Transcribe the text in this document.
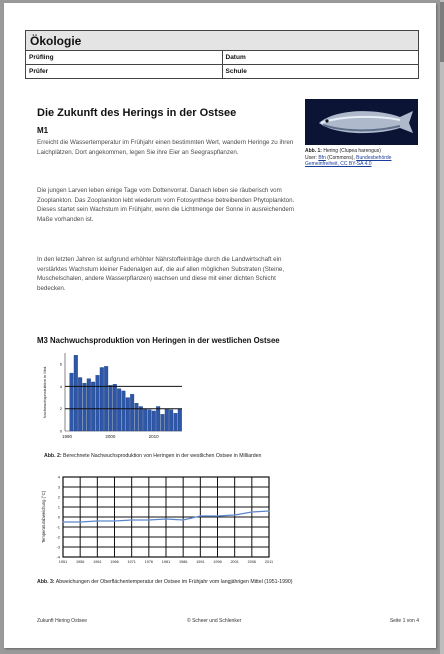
Ökologie	
Prüfling	Datum
Prüfer	Schule
Die Zukunft des Herings in der Ostsee
M1
Erreicht die Wassertemperatur im Frühjahr einen bestimmten Wert, wandern Heringe zu ihren Laichplätzen. Dort angekommen, legen Sie ihre Eier an Seegraspflanzen.
Die jungen Larven leben einige Tage vom Dottenvorrat. Danach leben sie räuberisch vom Zooplankton. Das Zooplankton lebt wiederum vom Fotosynthese betreibenden Phytoplankton. Dieses startet sein Wachstum im Frühjahr, wenn die Lichtmenge der Sonne in ausreichendem Maße vorhanden ist.
In den letzten Jahren ist aufgrund erhöhter Nährstoffeinträge durch die Landwirtschaft ein verstärktes Wachstum kleiner Fadenalgen auf, die auf allen möglichen Substraten (Steine, Muschelschalen, andere Wasserpflanzen) wachsen und diese mit einer dichten Schicht bedecken.
Abb. 1: Hering (Clupea harengus)
User: Bfn (Commons), Bundesbehörde
Gemeinfreiheit, CC BY-SA 4.0
M3 Nachwuchsproduktion von Heringen in der westlichen Ostsee
0
2
4
6
1990	2000	2010
Nachwuchsproduktion in Mrd.
Abb. 2: Berechnete Nachwuchsproduktion von Heringen in der westlichen Ostsee in Milliarden
-4
-3
-2
-1
0
1
2
3
4
1951 1956 1961 1966 1971 1976 1981 1986 1991 1996 2001 2006 2011
Temperaturabweichung (°C)
Abb. 3: Abweichungen der Oberflächentemperatur der Ostsee im Frühjahr vom langjährigen Mittel (1951-1990)
Zukunft Hering Ostsee	© Scheer und Schlenker	Seite 1 von 4
